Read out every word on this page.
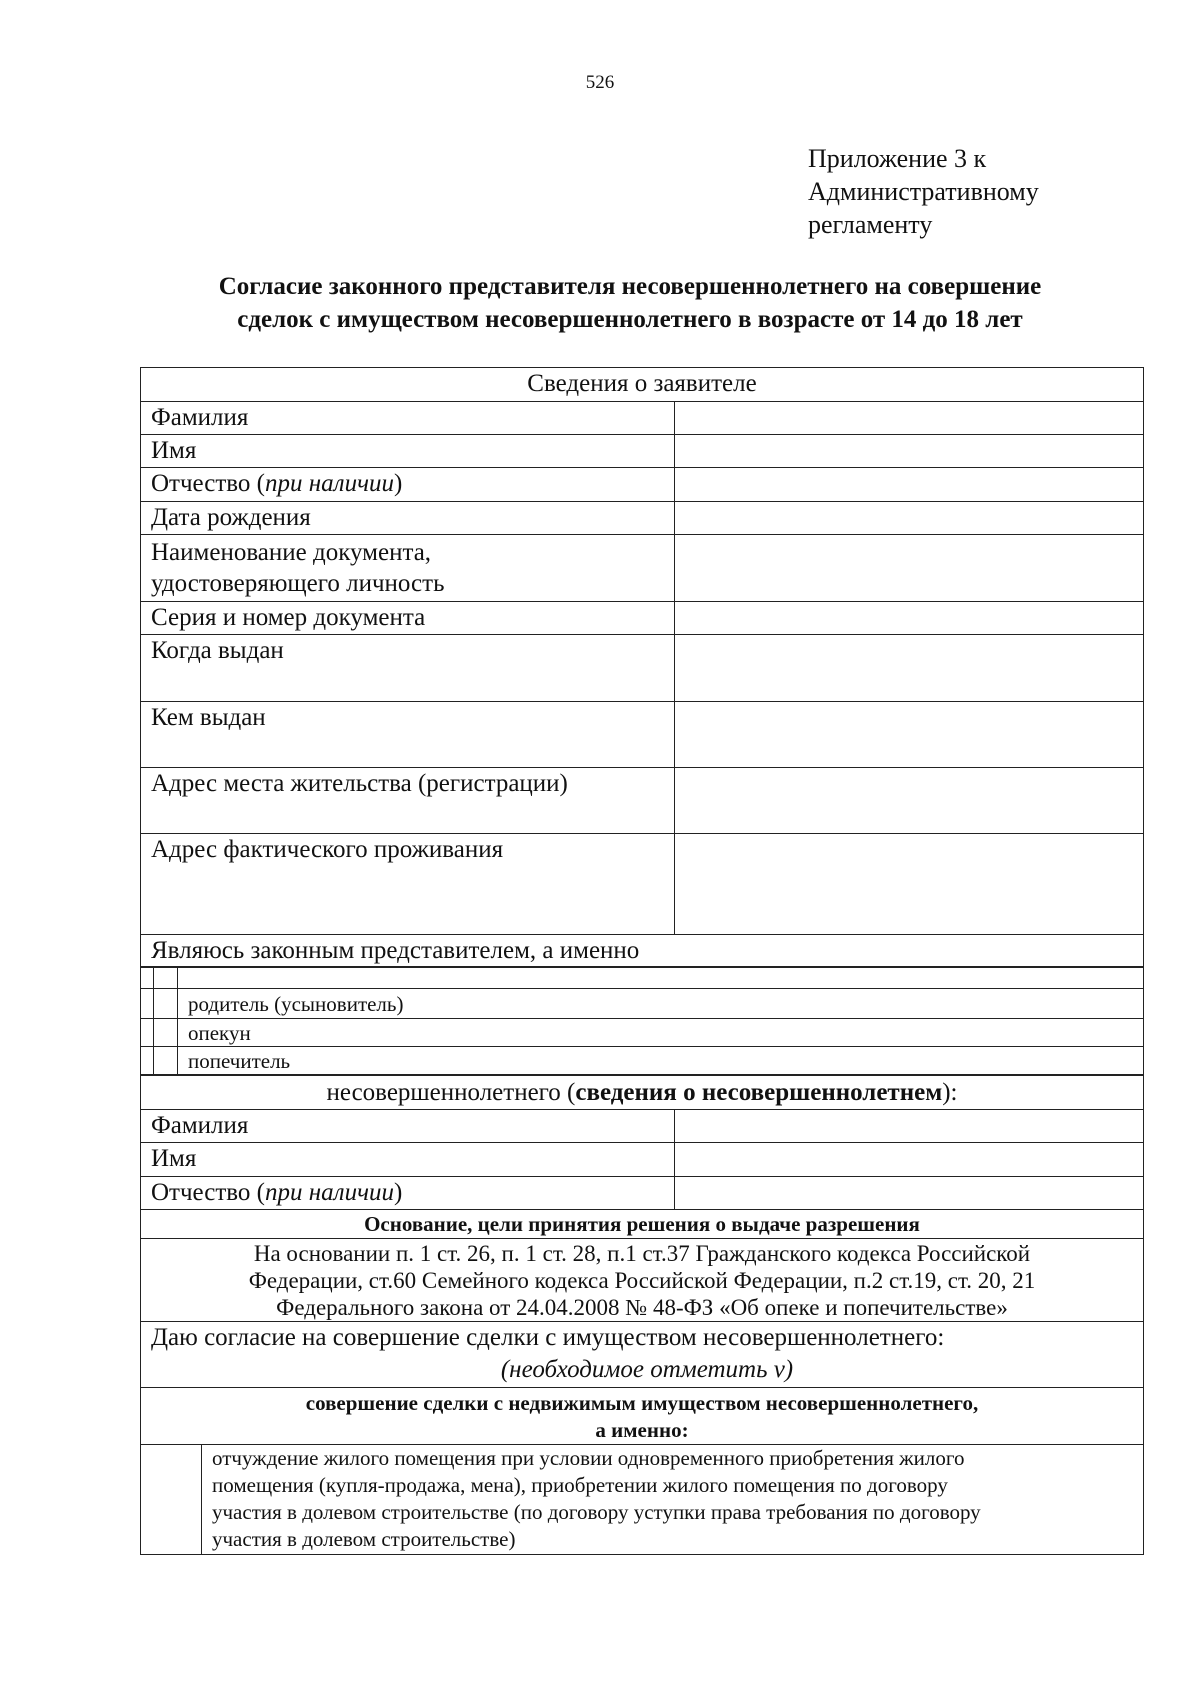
526
Приложение 3 к
Административному
регламенту
Согласие законного представителя несовершеннолетнего на совершение
сделок с имуществом несовершеннолетнего в возрасте от 14 до 18 лет
Сведения о заявителе
Фамилия
Имя
Отчество (при наличии)
Дата рождения
Наименование документа,
удостоверяющего личность
Серия и номер документа
Когда выдан
Кем выдан
Адрес места жительства (регистрации)
Адрес фактического проживания
Являюсь законным представителем, а именно
родитель (усыновитель)
опекун
попечитель
несовершеннолетнего (сведения о несовершеннолетнем):
Фамилия
Имя
Отчество (при наличии)
Основание, цели принятия решения о выдаче разрешения
На основании п. 1 ст. 26, п. 1 ст. 28, п.1 ст.37 Гражданского кодекса Российской
Федерации, ст.60 Семейного кодекса Российской Федерации, п.2 ст.19, ст. 20, 21
Федерального закона от 24.04.2008 № 48-ФЗ «Об опеке и попечительстве»
Даю согласие на совершение сделки с имуществом несовершеннолетнего:
(необходимое отметить v)
совершение сделки с недвижимым имуществом несовершеннолетнего,
а именно:
отчуждение жилого помещения при условии одновременного приобретения жилого
помещения (купля-продажа, мена), приобретении жилого помещения по договору
участия в долевом строительстве (по договору уступки права требования по договору
участия в долевом строительстве)
